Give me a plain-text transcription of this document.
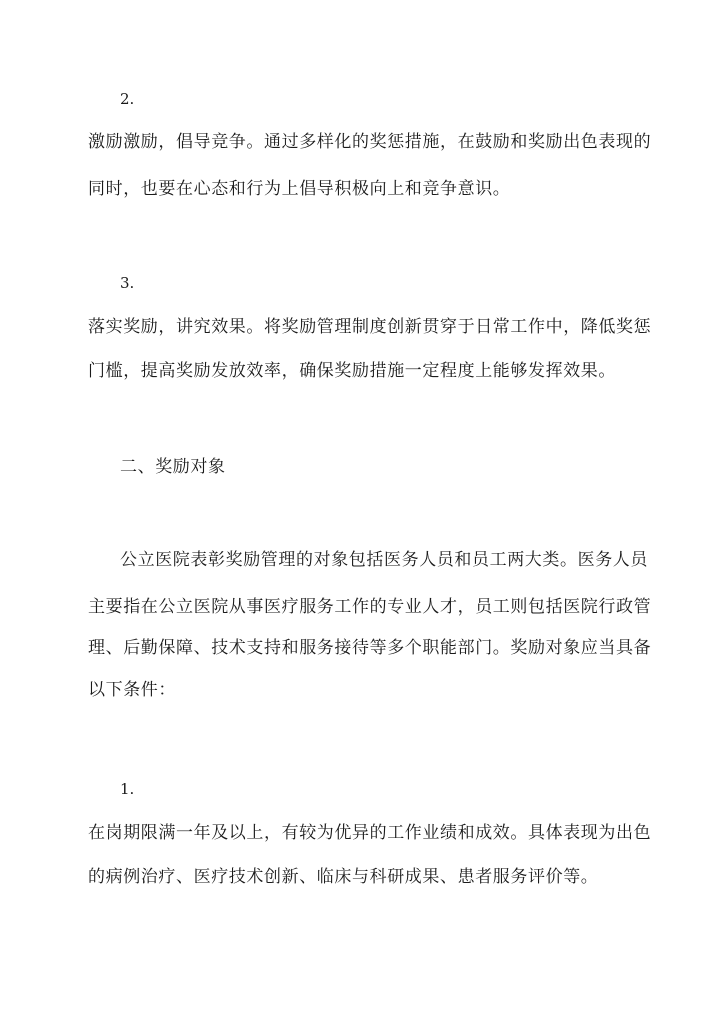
2.
激励激励，倡导竞争。通过多样化的奖惩措施，在鼓励和奖励出色表现的
同时，也要在心态和行为上倡导积极向上和竞争意识。
3.
落实奖励，讲究效果。将奖励管理制度创新贯穿于日常工作中，降低奖惩
门槛，提高奖励发放效率，确保奖励措施一定程度上能够发挥效果。
二、奖励对象
公立医院表彰奖励管理的对象包括医务人员和员工两大类。医务人员
主要指在公立医院从事医疗服务工作的专业人才，员工则包括医院行政管
理、后勤保障、技术支持和服务接待等多个职能部门。奖励对象应当具备
以下条件：
1.
在岗期限满一年及以上，有较为优异的工作业绩和成效。具体表现为出色
的病例治疗、医疗技术创新、临床与科研成果、患者服务评价等。
